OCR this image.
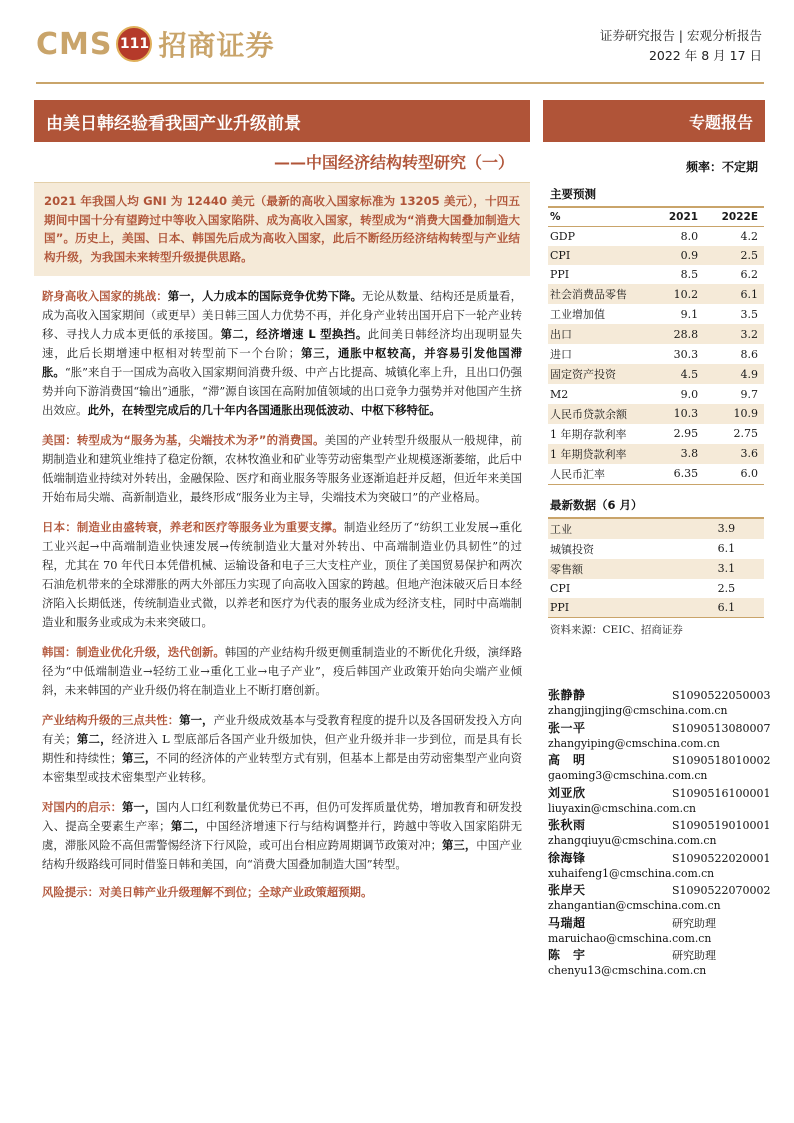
CMS 111 招商证券	证券研究报告 | 宏观分析报告
2022 年 8 月 17 日
由美日韩经验看我国产业升级前景	专题报告
——中国经济结构转型研究（一）	频率：不定期
2021 年我国人均 GNI 为 12440 美元（最新的高收入国家标准为 13205 美元），十四五期间中国十分有望跨过中等收入国家陷阱、成为高收入国家，转型成为“消费大国叠加制造大国”。历史上，美国、日本、韩国先后成为高收入国家，此后不断经历经济结构转型与产业结构升级，为我国未来转型升级提供思路。

跻身高收入国家的挑战：第一，人力成本的国际竞争优势下降。无论从数量、结构还是质量看，成为高收入国家期间（或更早）美日韩三国人力优势不再，并化身产业转出国开启下一轮产业转移、寻找人力成本更低的承接国。第二，经济增速 L 型换挡。此间美日韩经济均出现明显失速，此后长期增速中枢相对转型前下一个台阶；第三，通胀中枢较高，并容易引发他国滞胀。“胀”来自于一国成为高收入国家期间消费升级、中产占比提高、城镇化率上升，且出口仍强势并向下游消费国“输出”通胀，“滞”源自该国在高附加值领域的出口竞争力强势并对他国产生挤出效应。此外，在转型完成后的几十年内各国通胀出现低波动、中枢下移特征。

美国：转型成为“服务为基，尖端技术为矛”的消费国。美国的产业转型升级服从一般规律，前期制造业和建筑业维持了稳定份额，农林牧渔业和矿业等劳动密集型产业规模逐渐萎缩，此后中低端制造业持续对外转出，金融保险、医疗和商业服务等服务业逐渐追赶并反超，但近年来美国开始布局尖端、高新制造业，最终形成“服务业为主导，尖端技术为突破口”的产业格局。

日本：制造业由盛转衰，养老和医疗等服务业为重要支撑。制造业经历了“纺织工业发展→重化工业兴起→中高端制造业快速发展→传统制造业大量对外转出、中高端制造业仍具韧性”的过程，尤其在 70 年代日本凭借机械、运输设备和电子三大支柱产业，顶住了美国贸易保护和两次石油危机带来的全球滞胀的两大外部压力实现了向高收入国家的跨越。但地产泡沫破灭后日本经济陷入长期低迷，传统制造业式微，以养老和医疗为代表的服务业成为经济支柱，同时中高端制造业和服务业或成为未来突破口。

韩国：制造业优化升级，迭代创新。韩国的产业结构升级更侧重制造业的不断优化升级，演绎路径为“中低端制造业→轻纺工业→重化工业→电子产业”，疫后韩国产业政策开始向尖端产业倾斜，未来韩国的产业升级仍将在制造业上不断打磨创新。

产业结构升级的三点共性：第一，产业升级成效基本与受教育程度的提升以及各国研发投入方向有关；第二，经济进入 L 型底部后各国产业升级加快，但产业升级并非一步到位，而是具有长期性和持续性；第三，不同的经济体的产业转型方式有别，但基本上都是由劳动密集型产业向资本密集型或技术密集型产业转移。

对国内的启示：第一，国内人口红利数量优势已不再，但仍可发挥质量优势，增加教育和研发投入、提高全要素生产率；第二，中国经济增速下行与结构调整并行，跨越中等收入国家陷阱无虞，滞胀风险不高但需警惕经济下行风险，或可出台相应跨周期调节政策对冲；第三，中国产业结构升级路线可同时借鉴日韩和美国，向“消费大国叠加制造大国”转型。

风险提示：对美日韩产业升级理解不到位；全球产业政策超预期。

主要预测
%	2021	2022E
GDP	8.0	4.2
CPI	0.9	2.5
PPI	8.5	6.2
社会消费品零售	10.2	6.1
工业增加值	9.1	3.5
出口	28.8	3.2
进口	30.3	8.6
固定资产投资	4.5	4.9
M2	9.0	9.7
人民币贷款余额	10.3	10.9
1 年期存款利率	2.95	2.75
1 年期贷款利率	3.8	3.6
人民币汇率	6.35	6.0
最新数据（6 月）
工业	3.9
城镇投资	6.1
零售额	3.1
CPI	2.5
PPI	6.1
资料来源：CEIC、招商证券
张静静	S1090522050003
zhangjingjing@cmschina.com.cn
张一平	S1090513080007
zhangyiping@cmschina.com.cn
高　明	S1090518010002
gaoming3@cmschina.com.cn
刘亚欣	S1090516100001
liuyaxin@cmschina.com.cn
张秋雨	S1090519010001
zhangqiuyu@cmschina.com.cn
徐海锋	S1090522020001
xuhaifeng1@cmschina.com.cn
张岸天	S1090522070002
zhangantian@cmschina.com.cn
马瑞超	研究助理
maruichao@cmschina.com.cn
陈　宇	研究助理
chenyu13@cmschina.com.cn
